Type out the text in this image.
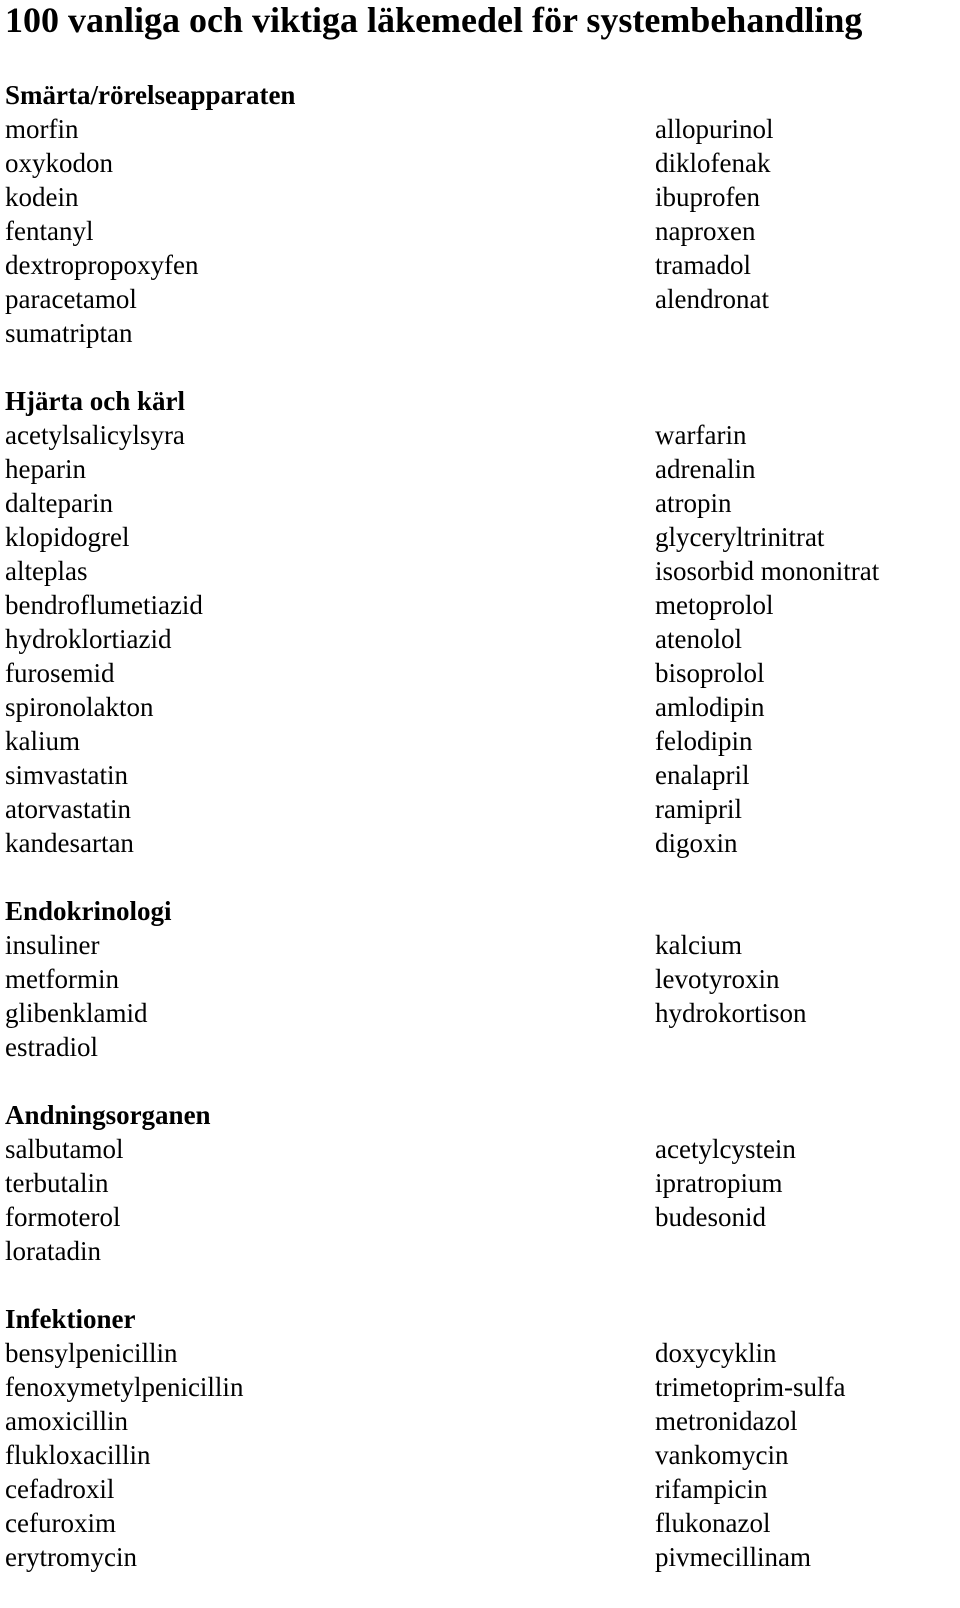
100 vanliga och viktiga läkemedel för systembehandling
Smärta/rörelseapparaten
morfin
oxykodon
kodein
fentanyl
dextropropoxyfen
paracetamol
sumatriptan
allopurinol
diklofenak
ibuprofen
naproxen
tramadol
alendronat
Hjärta och kärl
acetylsalicylsyra
heparin
dalteparin
klopidogrel
alteplas
bendroflumetiazid
hydroklortiazid
furosemid
spironolakton
kalium
simvastatin
atorvastatin
kandesartan
warfarin
adrenalin
atropin
glyceryltrinitrat
isosorbid mononitrat
metoprolol
atenolol
bisoprolol
amlodipin
felodipin
enalapril
ramipril
digoxin
Endokrinologi
insuliner
metformin
glibenklamid
estradiol
kalcium
levotyroxin
hydrokortison
Andningsorganen
salbutamol
terbutalin
formoterol
loratadin
acetylcystein
ipratropium
budesonid
Infektioner
bensylpenicillin
fenoxymetylpenicillin
amoxicillin
flukloxacillin
cefadroxil
cefuroxim
erytromycin
doxycyklin
trimetoprim-sulfa
metronidazol
vankomycin
rifampicin
flukonazol
pivmecillinam
